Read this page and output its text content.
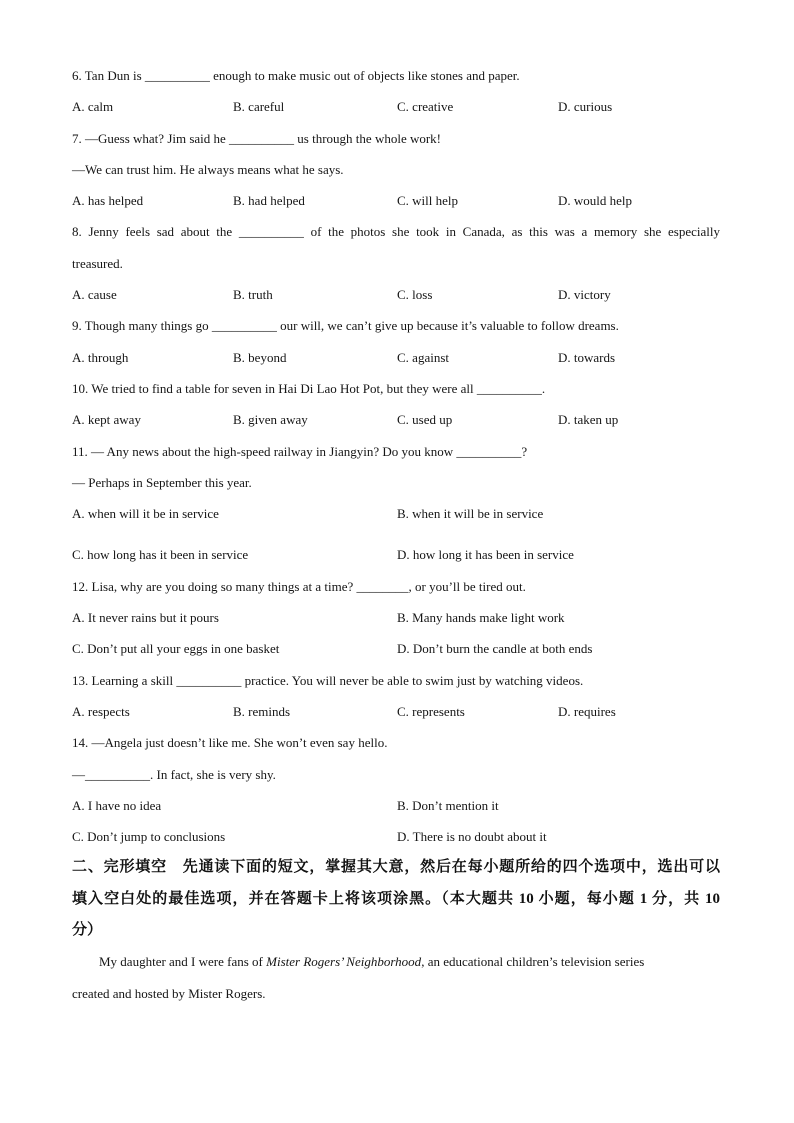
6. Tan Dun is __________ enough to make music out of objects like stones and paper.
A. calm	B. careful	C. creative	D. curious
7. —Guess what? Jim said he __________ us through the whole work!
—We can trust him. He always means what he says.
A. has helped	B. had helped	C. will help	D. would help
8. Jenny feels sad about the __________ of the photos she took in Canada, as this was a memory she especially
treasured.
A. cause	B. truth	C. loss	D. victory
9. Though many things go __________ our will, we can’t give up because it’s valuable to follow dreams.
A. through	B. beyond	C. against	D. towards
10. We tried to find a table for seven in Hai Di Lao Hot Pot, but they were all __________.
A. kept away	B. given away	C. used up	D. taken up
11. — Any news about the high-speed railway in Jiangyin? Do you know __________?
— Perhaps in September this year.
A. when will it be in service	B. when it will be in service
C. how long has it been in service	D. how long it has been in service
12. Lisa, why are you doing so many things at a time? ________, or you’ll be tired out.
A. It never rains but it pours	B. Many hands make light work
C. Don’t put all your eggs in one basket	D. Don’t burn the candle at both ends
13. Learning a skill __________ practice. You will never be able to swim just by watching videos.
A. respects	B. reminds	C. represents	D. requires
14. —Angela just doesn’t like me. She won’t even say hello.
—__________. In fact, she is very shy.
A. I have no idea	B. Don’t mention it
C. Don’t jump to conclusions	D. There is no doubt about it
二、完形填空　先通读下面的短文，掌握其大意，然后在每小题所给的四个选项中，选出可以
填入空白处的最佳选项，并在答题卡上将该项涂黑。（本大题共 10 小题，每小题 1 分，共 10
分）
My daughter and I were fans of Mister Rogers’ Neighborhood, an educational children’s television series
created and hosted by Mister Rogers.
